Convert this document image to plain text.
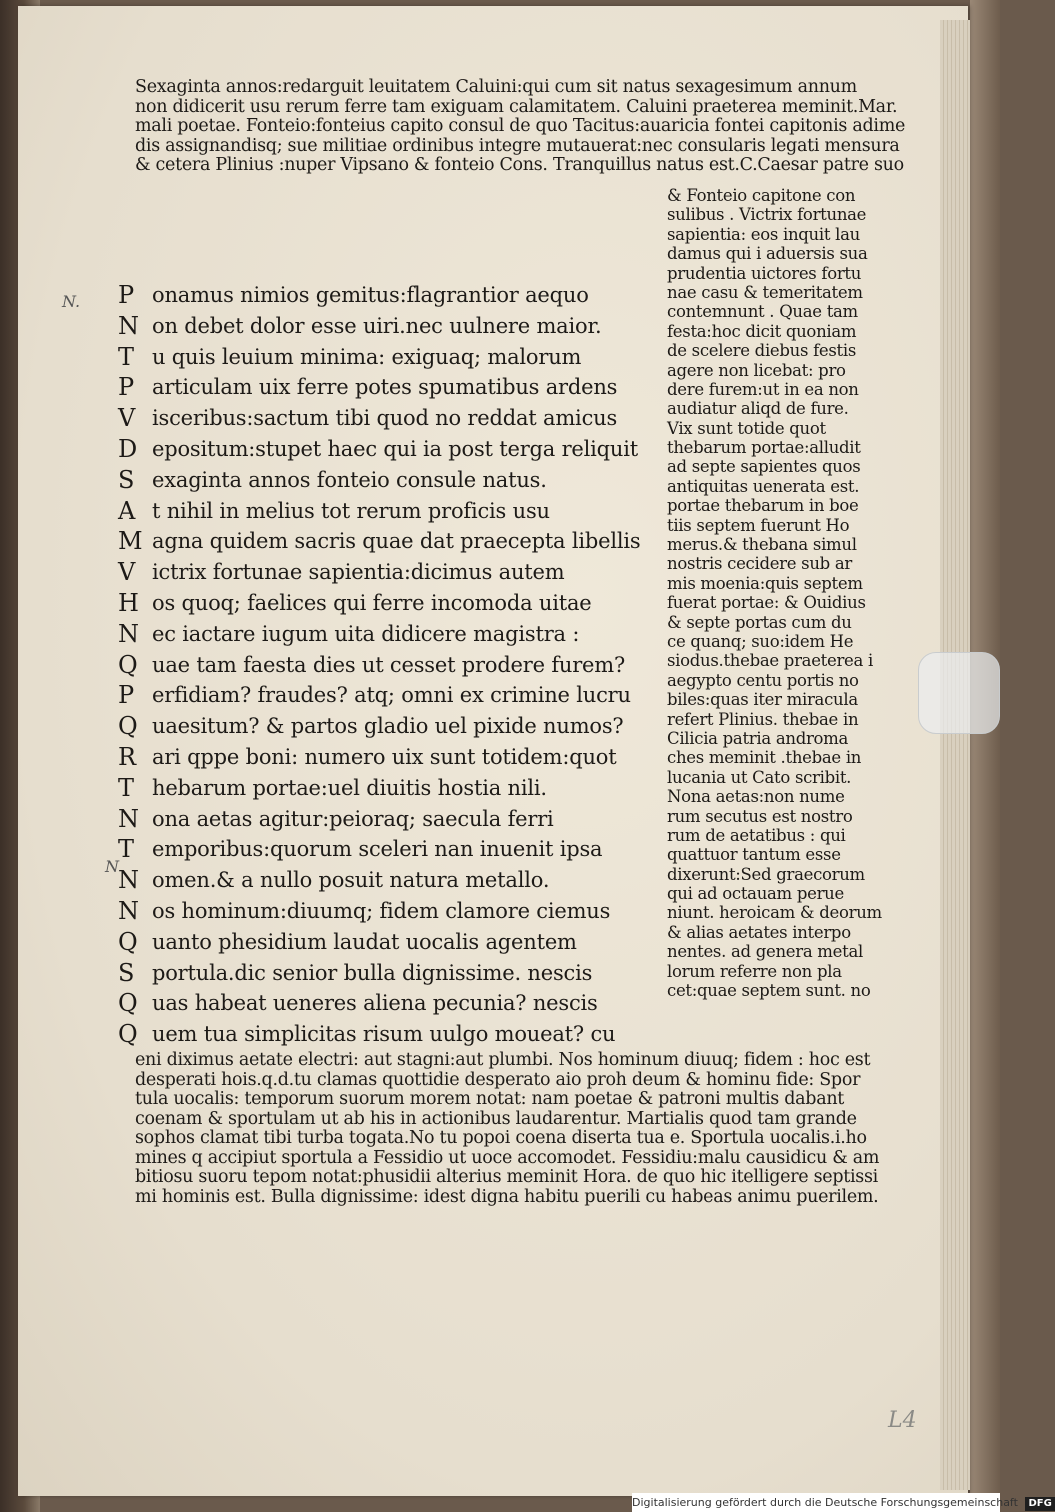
Sexaginta annos:redarguit leuitatem Caluini:qui cum sit natus sexagesimum annum
non didicerit usu rerum ferre tam exiguam calamitatem. Caluini praeterea meminit.Mar.
mali poetae. Fonteio:fonteius capito consul de quo Tacitus:auaricia fontei capitonis adime
dis assignandisq; sue militiae ordinibus integre mutauerat:nec consularis legati mensura
& cetera Plinius :nuper Vipsano & fonteio Cons. Tranquillus natus est.C.Caesar patre suo
& Fonteio capitone con
sulibus . Victrix fortunae
sapientia: eos inquit lau
damus qui i aduersis sua
prudentia uictores fortu
nae casu & temeritatem
contemnunt . Quae tam
festa:hoc dicit quoniam
de scelere diebus festis
agere non licebat: pro
dere furem:ut in ea non
audiatur aliqd de fure.
Vix sunt totide quot
thebarum portae:alludit
ad septe sapientes quos
antiquitas uenerata est.
portae thebarum in boe
tiis septem fuerunt Ho
merus.& thebana simul
nostris cecidere sub ar
mis moenia:quis septem
fuerat portae: & Ouidius
& septe portas cum du
ce quanq; suo:idem He
siodus.thebae praeterea i
aegypto centu portis no
biles:quas iter miracula
refert Plinius. thebae in
Cilicia patria androma
ches meminit .thebae in
lucania ut Cato scribit.
Nona aetas:non nume
rum secutus est nostro
rum de aetatibus : qui
quattuor tantum esse
dixerunt:Sed graecorum
qui ad octauam perue
niunt. heroicam & deorum
& alias aetates interpo
nentes. ad genera metal
lorum referre non pla
cet:quae septem sunt. no
P onamus nimios gemitus:flagrantior aequo
N on debet dolor esse uiri.nec uulnere maior.
T u quis leuium minima: exiguaq; malorum
P articulam uix ferre potes spumatibus ardens
V isceribus:sactum tibi quod no reddat amicus
D epositum:stupet haec qui ia post terga reliquit
S exaginta annos fonteio consule natus.
A t nihil in melius tot rerum proficis usu
M agna quidem sacris quae dat praecepta libellis
V ictrix fortunae sapientia:dicimus autem
H os quoq; faelices qui ferre incomoda uitae
N ec iactare iugum uita didicere magistra :
Q uae tam faesta dies ut cesset prodere furem?
P erfidiam? fraudes? atq; omni ex crimine lucru
Q uaesitum? & partos gladio uel pixide numos?
R ari qppe boni: numero uix sunt totidem:quot
T hebarum portae:uel diuitis hostia nili.
N ona aetas agitur:peioraq; saecula ferri
T emporibus:quorum sceleri nan inuenit ipsa
N omen.& a nullo posuit natura metallo.
N os hominum:diuumq; fidem clamore ciemus
Q uanto phesidium laudat uocalis agentem
S portula.dic senior bulla dignissime. nescis
Q uas habeat ueneres aliena pecunia? nescis
Q uem tua simplicitas risum uulgo moueat? cu
eni diximus aetate electri: aut stagni:aut plumbi. Nos hominum diuuq; fidem : hoc est
desperati hois.q.d.tu clamas quottidie desperato aio proh deum & hominu fide: Spor
tula uocalis: temporum suorum morem notat: nam poetae & patroni multis dabant
coenam & sportulam ut ab his in actionibus laudarentur. Martialis quod tam grande
sophos clamat tibi turba togata.No tu popoi coena diserta tua e. Sportula uocalis.i.ho
mines q accipiut sportula a Fessidio ut uoce accomodet. Fessidiu:malu causidicu & am
bitiosu suoru tepom notat:phusidii alterius meminit Hora. de quo hic itelligere septissi
mi hominis est. Bulla dignissime: idest digna habitu puerili cu habeas animu puerilem.
N.
N
L4
Digitalisierung gefördert durch die Deutsche Forschungsgemeinschaft DFG
